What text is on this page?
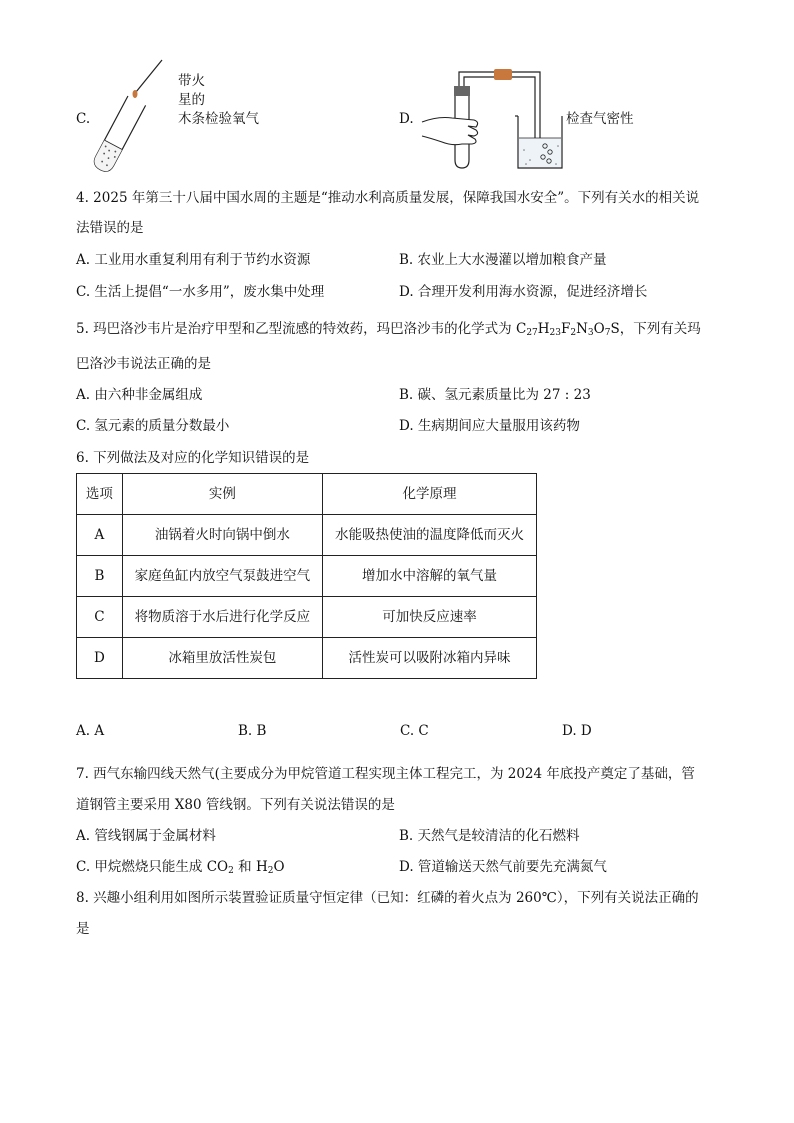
C.
带火
星的
木条检验氧气	D.	检查气密性
4. 2025 年第三十八届中国水周的主题是“推动水利高质量发展，保障我国水安全”。下列有关水的相关说
法错误的是
A. 工业用水重复利用有利于节约水资源	B. 农业上大水漫灌以增加粮食产量
C. 生活上提倡“一水多用”，废水集中处理	D. 合理开发利用海水资源，促进经济增长
5. 玛巴洛沙韦片是治疗甲型和乙型流感的特效药，玛巴洛沙韦的化学式为 $C_{27}H_{23}F_2N_3O_7S$，下列有关玛
巴洛沙韦说法正确的是
A. 由六种非金属组成	B. 碳、氢元素质量比为 27 : 23
C. 氢元素的质量分数最小	D. 生病期间应大量服用该药物
6. 下列做法及对应的化学知识错误的是
选项	实例	化学原理
A	油锅着火时向锅中倒水	水能吸热使油的温度降低而灭火
B	家庭鱼缸内放空气泵鼓进空气	增加水中溶解的氧气量
C	将物质溶于水后进行化学反应	可加快反应速率
D	冰箱里放活性炭包	活性炭可以吸附冰箱内异味
A. A	B. B	C. C	D. D
7. 西气东输四线天然气(主要成分为甲烷管道工程实现主体工程完工，为 2024 年底投产奠定了基础，管
道钢管主要采用 X80 管线钢。下列有关说法错误的是
A. 管线钢属于金属材料	B. 天然气是较清洁的化石燃料
C. 甲烷燃烧只能生成 $CO_2$ 和 $H_2O$	D. 管道输送天然气前要先充满氮气
8. 兴趣小组利用如图所示装置验证质量守恒定律（已知：红磷的着火点为 260℃），下列有关说法正确的
是
